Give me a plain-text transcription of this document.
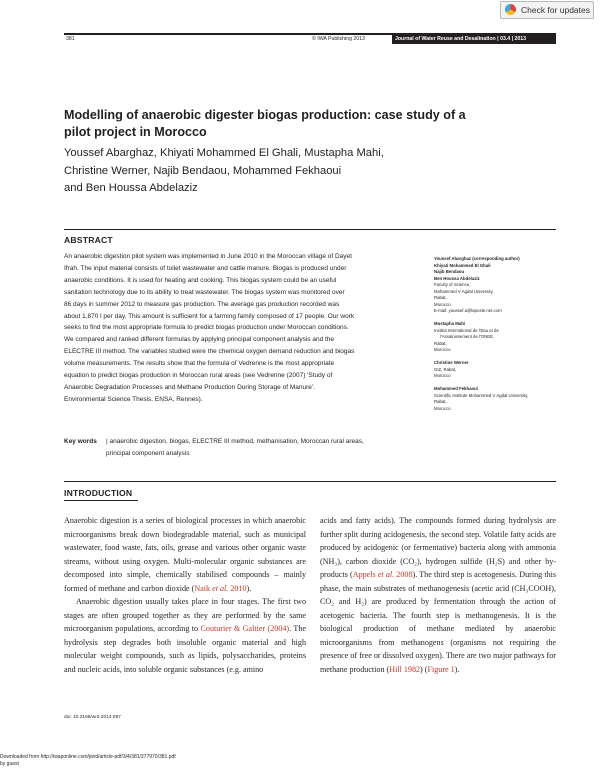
Check for updates
381	© IWA Publishing 2013	Journal of Water Reuse and Desalination | 03.4 | 2013
Modelling of anaerobic digester biogas production: case study of a pilot project in Morocco
Youssef Abarghaz, Khiyati Mohammed El Ghali, Mustapha Mahi,
Christine Werner, Najib Bendaou, Mohammed Fekhaoui
and Ben Houssa Abdelaziz
ABSTRACT
An anaerobic digestion pilot system was implemented in June 2010 in the Moroccan village of Dayet
Ifrah. The input material consists of toilet wastewater and cattle manure. Biogas is produced under
anaerobic conditions. It is used for heating and cooking. This biogas system could be an useful
sanitation technology due to its ability to treat wastewater. The biogas system was monitored over
86 days in summer 2012 to measure gas production. The average gas production recorded was
about 1,870 l per day. This amount is sufficient for a farming family composed of 17 people. Our work
seeks to find the most appropriate formula to predict biogas production under Moroccan conditions.
We compared and ranked different formulas by applying principal component analysis and the
ELECTRE III method. The variables studied were the chemical oxygen demand reduction and biogas
volume measurements. The results show that the formula of Vedrenne is the most appropriate
equation to predict biogas production in Moroccan rural areas (see Vedrenne (2007) 'Study of
Anaerobic Degradation Processes and Methane Production During Storage of Manure'.
Environmental Science Thesis. ENSA, Rennes).
Key words | anaerobic digestion, biogas, ELECTRE III method, methanisation, Moroccan rural areas,
principal component analysis
Youssef Abarghaz (corresponding author)
Khiyati Mohammed El Ghali
Najib Bendaou
Ben Houssa Abdelaziz
Faculty of Science,
Mohammed V Agdal University,
Rabat,
Morocco
E-mail: youssef.a@laposte.net.com
Mustapha Mahi
Institut International de l'Eau et de
l'Assainissement de l'ONEE,
Rabat,
Morocco
Christine Werner
GIZ, Rabat,
Morocco
Mohammed Fekhaoui
Scientific Institute Mohammed V Agdal University,
Rabat,
Morocco
INTRODUCTION

Anaerobic digestion is a series of biological processes in which anaerobic microorganisms break down biodegradable material, such as municipal wastewater, food waste, fats, oils, grease and various other organic waste streams, without using oxygen. Multi-molecular organic substances are decomposed into simple, chemically stabilised compounds – mainly formed of methane and carbon dioxide (Naik et al. 2010).

Anaerobic digestion usually takes place in four stages. The first two stages are often grouped together as they are performed by the same microorganism populations, according to Couturier & Galtier (2004). The hydrolysis step degrades both insoluble organic material and high molecular weight compounds, such as lipids, polysaccharides, proteins and nucleic acids, into soluble organic substances (e.g. amino

acids and fatty acids). The compounds formed during hydrolysis are further split during acidogenesis, the second step. Volatile fatty acids are produced by acidogenic (or fermentative) bacteria along with ammonia (NH₃), carbon dioxide (CO₂), hydrogen sulfide (H₂S) and other by-products (Appels et al. 2008). The third step is acetogenesis. During this phase, the main substrates of methanogenesis (acetic acid (CH₃COOH), CO₂ and H₂) are produced by fermentation through the action of acetogenic bacteria. The fourth step is methanogenesis. It is the biological production of methane mediated by anaerobic microorganisms from methanogens (organisms not requiring the presence of free or dissolved oxygen). There are two major pathways for methane production (Hill 1982) (Figure 1).

doi: 10.2166/wrd.2013.097
Downloaded from http://iwaponline.com/jwrd/article-pdf/3/4/381/377970/381.pdf
by guest
